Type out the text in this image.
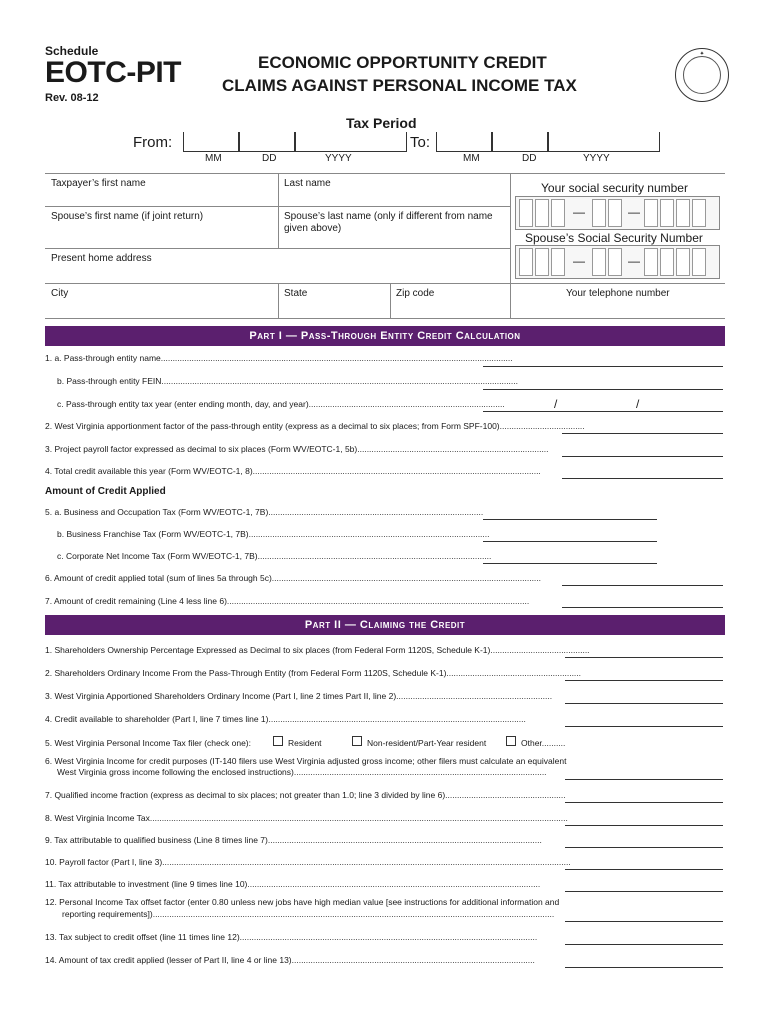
Schedule
EOTC-PIT
Rev. 08-12
ECONOMIC OPPORTUNITY CREDIT
CLAIMS AGAINST PERSONAL INCOME TAX
✦
Tax Period
From:	To:
MM	DD	YYYY	MM	DD	YYYY
Taxpayer’s first name	Last name
Spouse’s first name (if joint return)	Spouse’s last name (only if different from name given above)
Present home address
City	State	Zip code
Your social security number
—	—
Spouse’s Social Security Number
—	—
Your telephone number
Part I — Pass-Through Entity Credit Calculation
1. a. Pass-through entity name.....................................................................................................................................................
b. Pass-through entity FEIN.......................................................................................................................................................
c. Pass-through entity tax year (enter ending month, day, and year)...................................................................................	/	/
2. West Virginia apportionment factor of the pass-through entity (express as a decimal to six places; from Form SPF-100)....................................
3. Project payroll factor expressed as decimal to six places (Form WV/EOTC-1, 5b).................................................................................
4. Total credit available this year (Form WV/EOTC-1, 8)..........................................................................................................................
Amount of Credit Applied
5. a. Business and Occupation Tax (Form WV/EOTC-1, 7B)...........................................................................................
b. Business Franchise Tax (Form WV/EOTC-1, 7B)......................................................................................................
c. Corporate Net Income Tax (Form WV/EOTC-1, 7B)...................................................................................................
6. Amount of credit applied total (sum of lines 5a through 5c)..................................................................................................................
7. Amount of credit remaining (Line 4 less line 6)................................................................................................................................
Part II — Claiming the Credit
1. Shareholders Ownership Percentage Expressed as Decimal to six places (from Federal Form 1120S, Schedule K-1)..........................................
2. Shareholders Ordinary Income From the Pass-Through Entity (from Federal Form 1120S, Schedule K-1).........................................................
3. West Virginia Apportioned Shareholders Ordinary Income (Part I, line 2 times Part II, line 2)..................................................................
4. Credit available to shareholder (Part I, line 7 times line 1).............................................................................................................
5. West Virginia Personal Income Tax filer (check one):	Resident	Non-resident/Part-Year resident	Other..........
6. West Virginia Income for credit purposes (IT-140 filers use West Virginia adjusted gross income; other filers must calculate an equivalent
West Virginia gross income following the enclosed instructions)...........................................................................................................
7. Qualified income fraction (express as decimal to six places; not greater than 1.0; line 3 divided by line 6)...................................................
8. West Virginia Income Tax.................................................................................................................................................................................
9. Tax attributable to qualified business (Line 8 times line 7)....................................................................................................................
10. Payroll factor (Part I, line 3).............................................................................................................................................................................
11. Tax attributable to investment (line 9 times line 10)............................................................................................................................
12. Personal Income Tax offset factor (enter 0.80 unless new jobs have high median value [see instructions for additional information and
reporting requirements])..........................................................................................................................................................................
13. Tax subject to credit offset (line 11 times line 12)..............................................................................................................................
14. Amount of tax credit applied (lesser of Part II, line 4 or line 13).......................................................................................................
